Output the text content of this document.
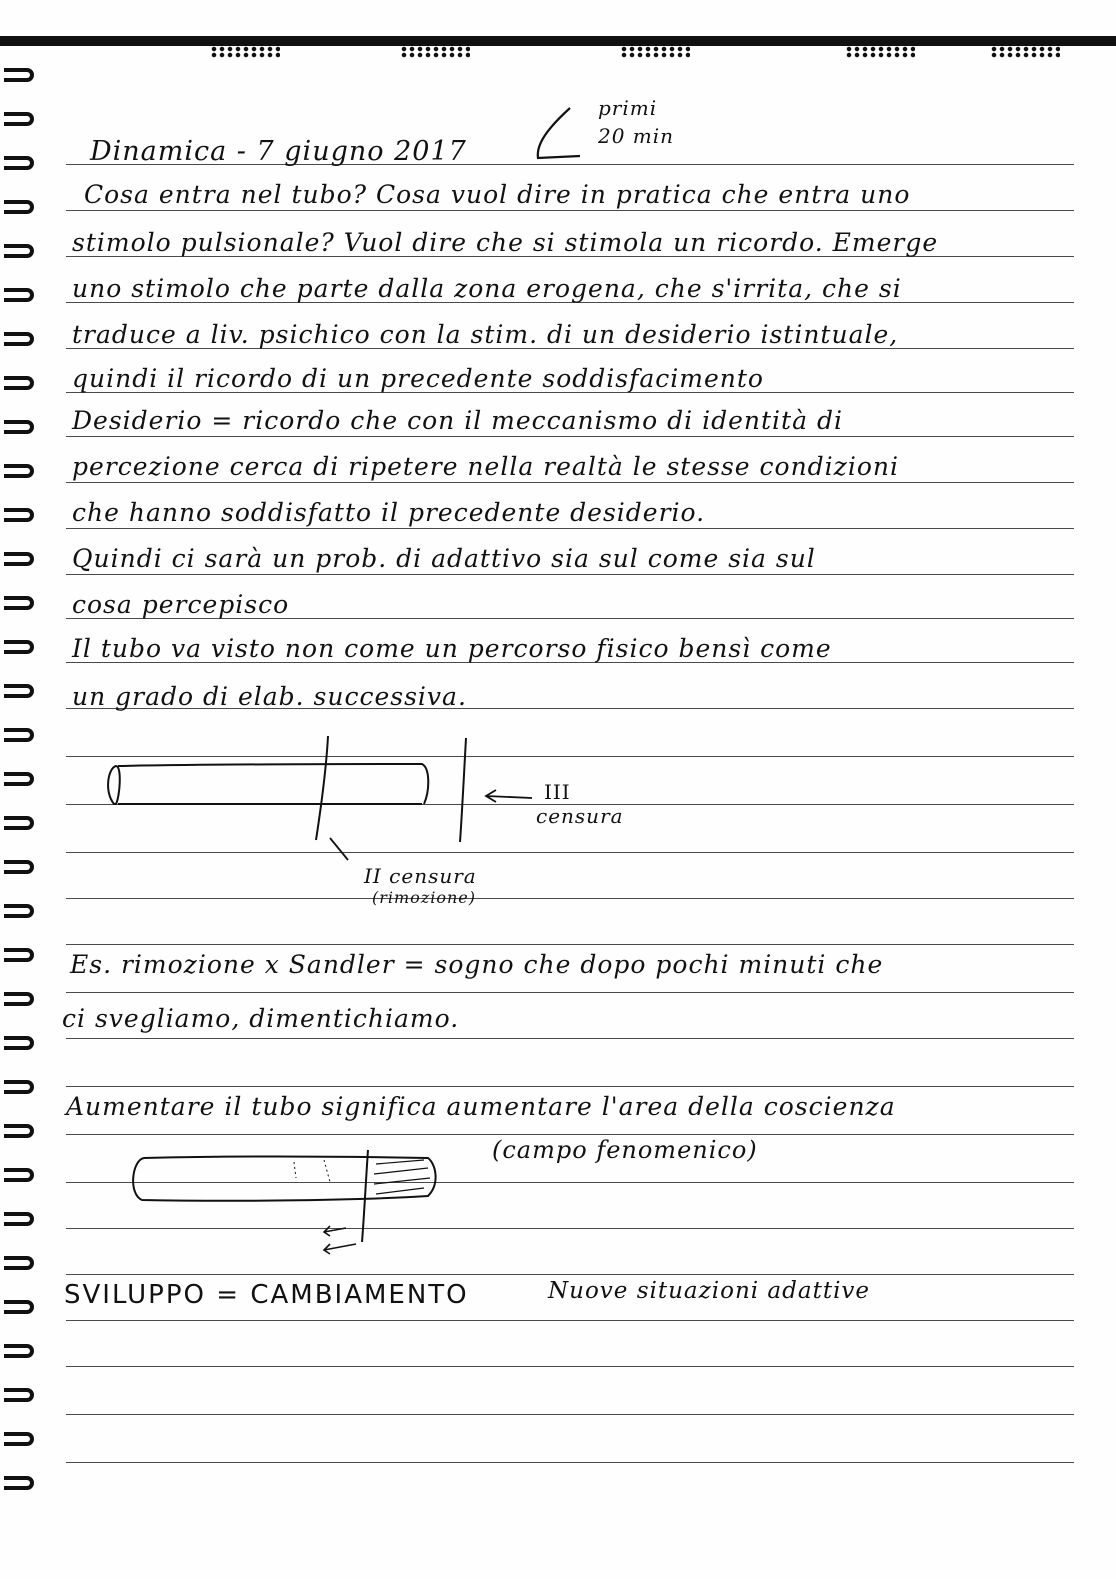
primi
20 min
Dinamica - 7 giugno 2017
Cosa entra nel tubo? Cosa vuol dire in pratica che entra uno
stimolo pulsionale? Vuol dire che si stimola un ricordo. Emerge
uno stimolo che parte dalla zona erogena, che s'irrita, che si
traduce a liv. psichico con la stim. di un desiderio istintuale,
quindi il ricordo di un precedente soddisfacimento
Desiderio = ricordo che con il meccanismo di identità di
percezione cerca di ripetere nella realtà le stesse condizioni
che hanno soddisfatto il precedente desiderio.
Quindi ci sarà un prob. di adattivo sia sul come sia sul
cosa percepisco
Il tubo va visto non come un percorso fisico bensì come
un grado di elab. successiva.
III
censura
II censura
(rimozione)
Es. rimozione x Sandler = sogno che dopo pochi minuti che
ci svegliamo, dimentichiamo.
Aumentare il tubo significa aumentare l'area della coscienza
(campo fenomenico)
SVILUPPO = CAMBIAMENTO	Nuove situazioni adattive
